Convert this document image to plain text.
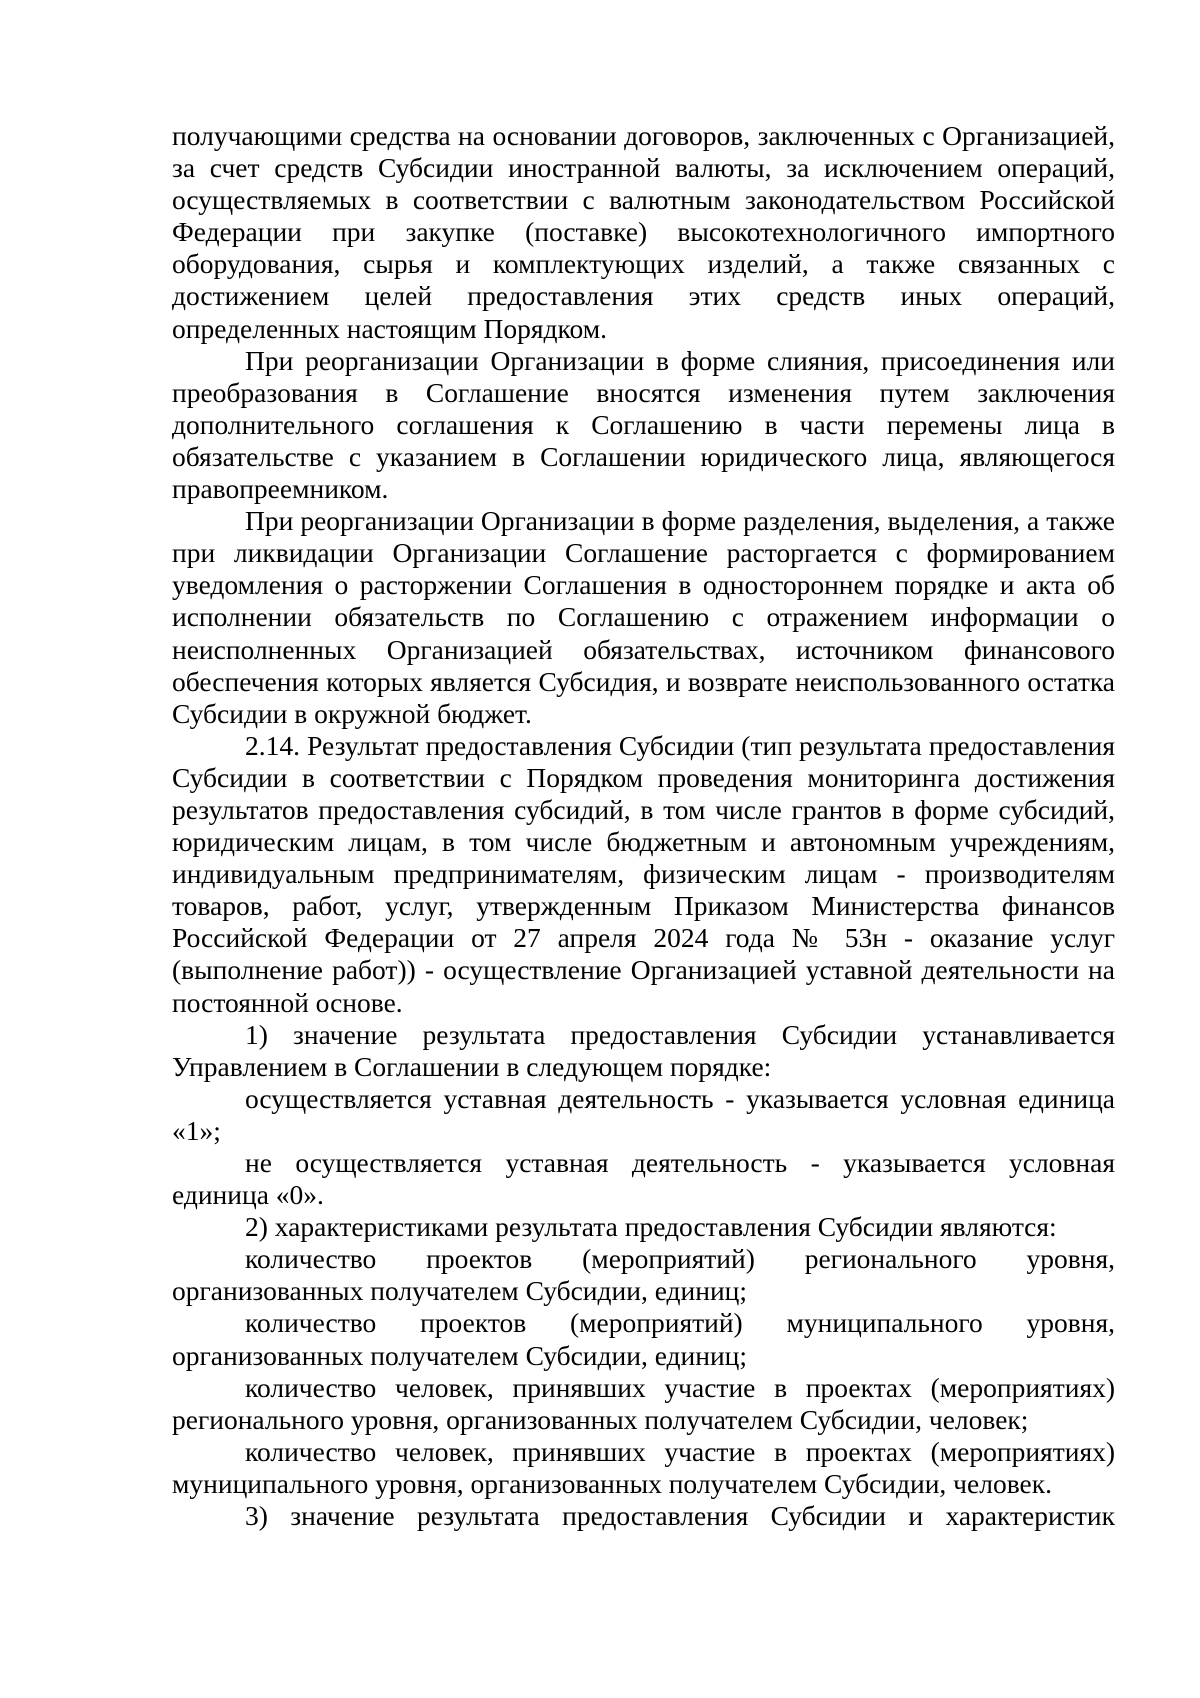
получающими средства на основании договоров, заключенных с Организацией, за счет средств Субсидии иностранной валюты, за исключением операций, осуществляемых в соответствии с валютным законодательством Российской Федерации при закупке (поставке) высокотехнологичного импортного оборудования, сырья и комплектующих изделий, а также связанных с достижением целей предоставления этих средств иных операций, определенных настоящим Порядком.

При реорганизации Организации в форме слияния, присоединения или преобразования в Соглашение вносятся изменения путем заключения дополнительного соглашения к Соглашению в части перемены лица в обязательстве с указанием в Соглашении юридического лица, являющегося правопреемником.

При реорганизации Организации в форме разделения, выделения, а также при ликвидации Организации Соглашение расторгается с формированием уведомления о расторжении Соглашения в одностороннем порядке и акта об исполнении обязательств по Соглашению с отражением информации о неисполненных Организацией обязательствах, источником финансового обеспечения которых является Субсидия, и возврате неиспользованного остатка Субсидии в окружной бюджет.

2.14. Результат предоставления Субсидии (тип результата предоставления Субсидии в соответствии с Порядком проведения мониторинга достижения результатов предоставления субсидий, в том числе грантов в форме субсидий, юридическим лицам, в том числе бюджетным и автономным учреждениям, индивидуальным предпринимателям, физическим лицам - производителям товаров, работ, услуг, утвержденным Приказом Министерства финансов Российской Федерации от 27 апреля 2024 года № 53н - оказание услуг (выполнение работ)) - осуществление Организацией уставной деятельности на постоянной основе.

1) значение результата предоставления Субсидии устанавливается Управлением в Соглашении в следующем порядке:

осуществляется уставная деятельность - указывается условная единица «1»;

не осуществляется уставная деятельность - указывается условная единица «0».

2) характеристиками результата предоставления Субсидии являются:

количество проектов (мероприятий) регионального уровня, организованных получателем Субсидии, единиц;

количество проектов (мероприятий) муниципального уровня, организованных получателем Субсидии, единиц;

количество человек, принявших участие в проектах (мероприятиях) регионального уровня, организованных получателем Субсидии, человек;

количество человек, принявших участие в проектах (мероприятиях) муниципального уровня, организованных получателем Субсидии, человек.

3) значение результата предоставления Субсидии и характеристик
